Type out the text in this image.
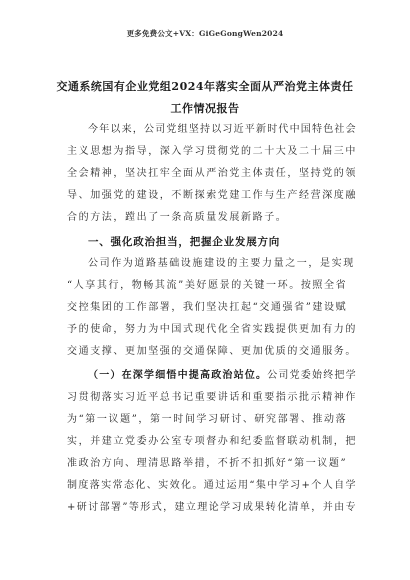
更多免费公文+VX：GiGeGongWen2024
交通系统国有企业党组2024年落实全面从严治党主体责任
工作情况报告
今年以来，公司党组坚持以习近平新时代中国特色社会
主义思想为指导，深入学习贯彻党的二十大及二十届三中
全会精神，坚决扛牢全面从严治党主体责任，坚持党的领
导、加强党的建设，不断探索党建工作与生产经营深度融
合的方法，蹚出了一条高质量发展新路子。
一、强化政治担当，把握企业发展方向
公司作为道路基础设施建设的主要力量之一，是实现
“人享其行，物畅其流”美好愿景的关键一环。按照全省
交控集团的工作部署，我们坚决扛起“交通强省”建设赋
予的使命，努力为中国式现代化全省实践提供更加有力的
交通支撑、更加坚强的交通保障、更加优质的交通服务。
（一）在深学细悟中提高政治站位。公司党委始终把学
习贯彻落实习近平总书记重要讲话和重要指示批示精神作
为“第一议题”，第一时间学习研讨、研究部署、推动落
实，并建立党委办公室专项督办和纪委监督联动机制，把
准政治方向、理清思路举措，不折不扣抓好“第一议题”
制度落实常态化、实效化。通过运用“集中学习+个人自学
+研讨部署”等形式，建立理论学习成果转化清单，并由专
